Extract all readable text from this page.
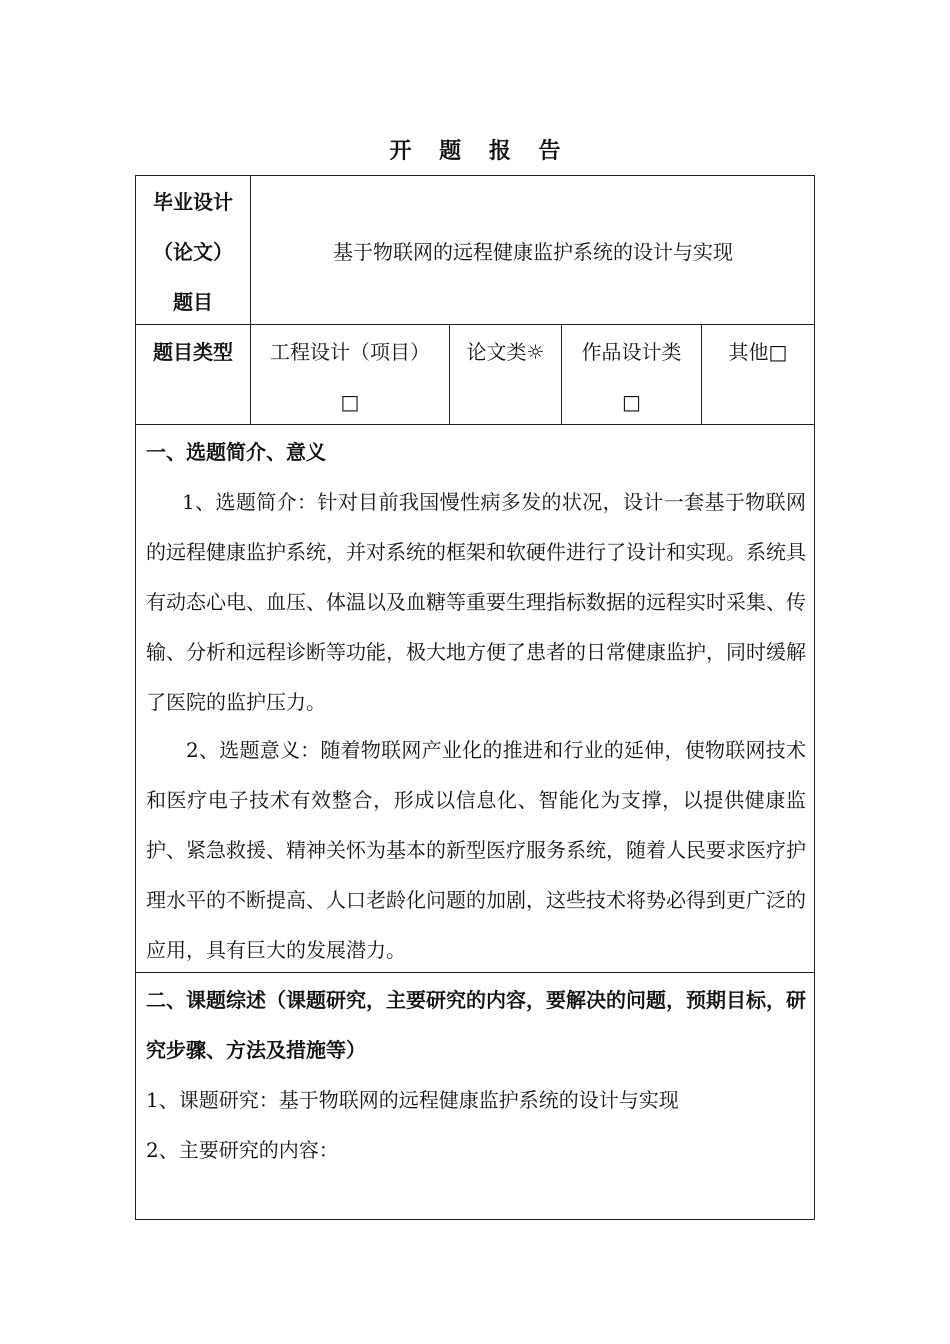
开 题 报 告
毕业设计
（论文）
题目
基于物联网的远程健康监护系统的设计与实现
题目类型	工程设计（项目）
□
论文类☼	作品设计类
□
其他□

一、选题简介、意义

1、选题简介：针对目前我国慢性病多发的状况，设计一套基于物联网的远程健康监护系统，并对系统的框架和软硬件进行了设计和实现。系统具有动态心电、血压、体温以及血糖等重要生理指标数据的远程实时采集、传输、分析和远程诊断等功能，极大地方便了患者的日常健康监护，同时缓解了医院的监护压力。

2、选题意义：随着物联网产业化的推进和行业的延伸，使物联网技术和医疗电子技术有效整合，形成以信息化、智能化为支撑，以提供健康监护、紧急救援、精神关怀为基本的新型医疗服务系统，随着人民要求医疗护理水平的不断提高、人口老龄化问题的加剧，这些技术将势必得到更广泛的应用，具有巨大的发展潜力。

二、课题综述（课题研究，主要研究的内容，要解决的问题，预期目标，研究步骤、方法及措施等）

1、课题研究：基于物联网的远程健康监护系统的设计与实现

2、主要研究的内容：
